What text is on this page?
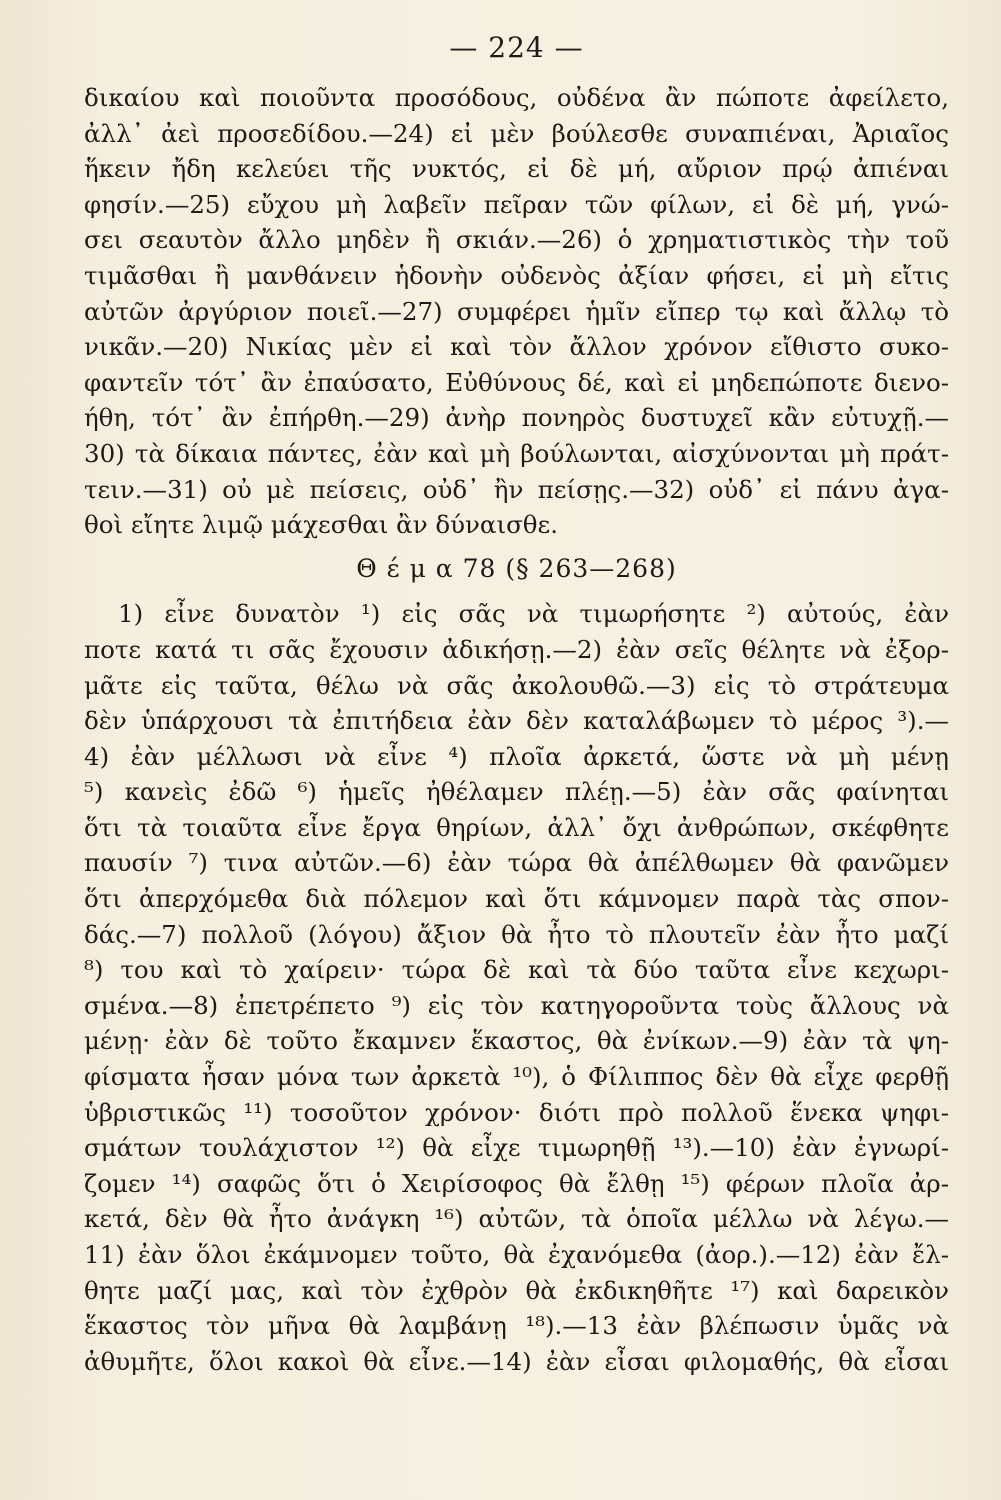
— 224 —
δικαίου καὶ ποιοῦντα προσόδους, οὐδένα ἂν πώποτε ἀφείλετο,
ἀλλ᾽ ἀεὶ προσεδίδου.—24) εἰ μὲν βούλεσθε συναπιέναι, Ἀριαῖος
ἥκειν ἤδη κελεύει τῆς νυκτός, εἰ δὲ μή, αὔριον πρῴ ἀπιέναι
φησίν.—25) εὔχου μὴ λαβεῖν πεῖραν τῶν φίλων, εἰ δὲ μή, γνώ-
σει σεαυτὸν ἄλλο μηδὲν ἢ σκιάν.—26) ὁ χρηματιστικὸς τὴν τοῦ
τιμᾶσθαι ἢ μανθάνειν ἡδονὴν οὐδενὸς ἀξίαν φήσει, εἰ μὴ εἴτις
αὐτῶν ἀργύριον ποιεῖ.—27) συμφέρει ἡμῖν εἴπερ τῳ καὶ ἄλλῳ τὸ
νικᾶν.—20) Νικίας μὲν εἰ καὶ τὸν ἄλλον χρόνον εἴθιστο συκο-
φαντεῖν τότ᾽ ἂν ἐπαύσατο, Εὐθύνους δέ, καὶ εἰ μηδεπώποτε διενο-
ήθη, τότ᾽ ἂν ἐπήρθη.—29) ἀνὴρ πονηρὸς δυστυχεῖ κἂν εὐτυχῇ.—
30) τὰ δίκαια πάντες, ἐὰν καὶ μὴ βούλωνται, αἰσχύνονται μὴ πράτ-
τειν.—31) οὐ μὲ πείσεις, οὐδ᾽ ἢν πείσῃς.—32) οὐδ᾽ εἰ πάνυ ἀγα-
θοὶ εἴητε λιμῷ μάχεσθαι ἂν δύναισθε.
Θ έ μ α 78 (§ 263—268)
1) εἶνε δυνατὸν ¹) εἰς σᾶς νὰ τιμωρήσητε ²) αὐτούς, ἐὰν
ποτε κατά τι σᾶς ἔχουσιν ἀδικήσῃ.—2) ἐὰν σεῖς θέλητε νὰ ἐξορ-
μᾶτε εἰς ταῦτα, θέλω νὰ σᾶς ἀκολουθῶ.—3) εἰς τὸ στράτευμα
δὲν ὑπάρχουσι τὰ ἐπιτήδεια ἐὰν δὲν καταλάβωμεν τὸ μέρος ³).—
4) ἐὰν μέλλωσι νὰ εἶνε ⁴) πλοῖα ἀρκετά, ὥστε νὰ μὴ μένῃ
⁵) κανεὶς ἐδῶ ⁶) ἡμεῖς ἠθέλαμεν πλέῃ.—5) ἐὰν σᾶς φαίνηται
ὅτι τὰ τοιαῦτα εἶνε ἔργα θηρίων, ἀλλ᾽ ὄχι ἀνθρώπων, σκέφθητε
παυσίν ⁷) τινα αὐτῶν.—6) ἐὰν τώρα θὰ ἀπέλθωμεν θὰ φανῶμεν
ὅτι ἀπερχόμεθα διὰ πόλεμον καὶ ὅτι κάμνομεν παρὰ τὰς σπον-
δάς.—7) πολλοῦ (λόγου) ἄξιον θὰ ἦτο τὸ πλουτεῖν ἐὰν ἦτο μαζί
⁸) του καὶ τὸ χαίρειν· τώρα δὲ καὶ τὰ δύο ταῦτα εἶνε κεχωρι-
σμένα.—8) ἐπετρέπετο ⁹) εἰς τὸν κατηγοροῦντα τοὺς ἄλλους νὰ
μένῃ· ἐὰν δὲ τοῦτο ἔκαμνεν ἕκαστος, θὰ ἐνίκων.—9) ἐὰν τὰ ψη-
φίσματα ἦσαν μόνα των ἀρκετὰ ¹⁰), ὁ Φίλιππος δὲν θὰ εἶχε φερθῇ
ὑβριστικῶς ¹¹) τοσοῦτον χρόνον· διότι πρὸ πολλοῦ ἕνεκα ψηφι-
σμάτων τουλάχιστον ¹²) θὰ εἶχε τιμωρηθῇ ¹³).—10) ἐὰν ἐγνωρί-
ζομεν ¹⁴) σαφῶς ὅτι ὁ Χειρίσοφος θὰ ἔλθῃ ¹⁵) φέρων πλοῖα ἀρ-
κετά, δὲν θὰ ἦτο ἀνάγκη ¹⁶) αὐτῶν, τὰ ὁποῖα μέλλω νὰ λέγω.—
11) ἐὰν ὅλοι ἐκάμνομεν τοῦτο, θὰ ἐχανόμεθα (ἀορ.).—12) ἐὰν ἔλ-
θητε μαζί μας, καὶ τὸν ἐχθρὸν θὰ ἐκδικηθῆτε ¹⁷) καὶ δαρεικὸν
ἕκαστος τὸν μῆνα θὰ λαμβάνῃ ¹⁸).—13 ἐὰν βλέπωσιν ὑμᾶς νὰ
ἀθυμῆτε, ὅλοι κακοὶ θὰ εἶνε.—14) ἐὰν εἶσαι φιλομαθής, θὰ εἶσαι
